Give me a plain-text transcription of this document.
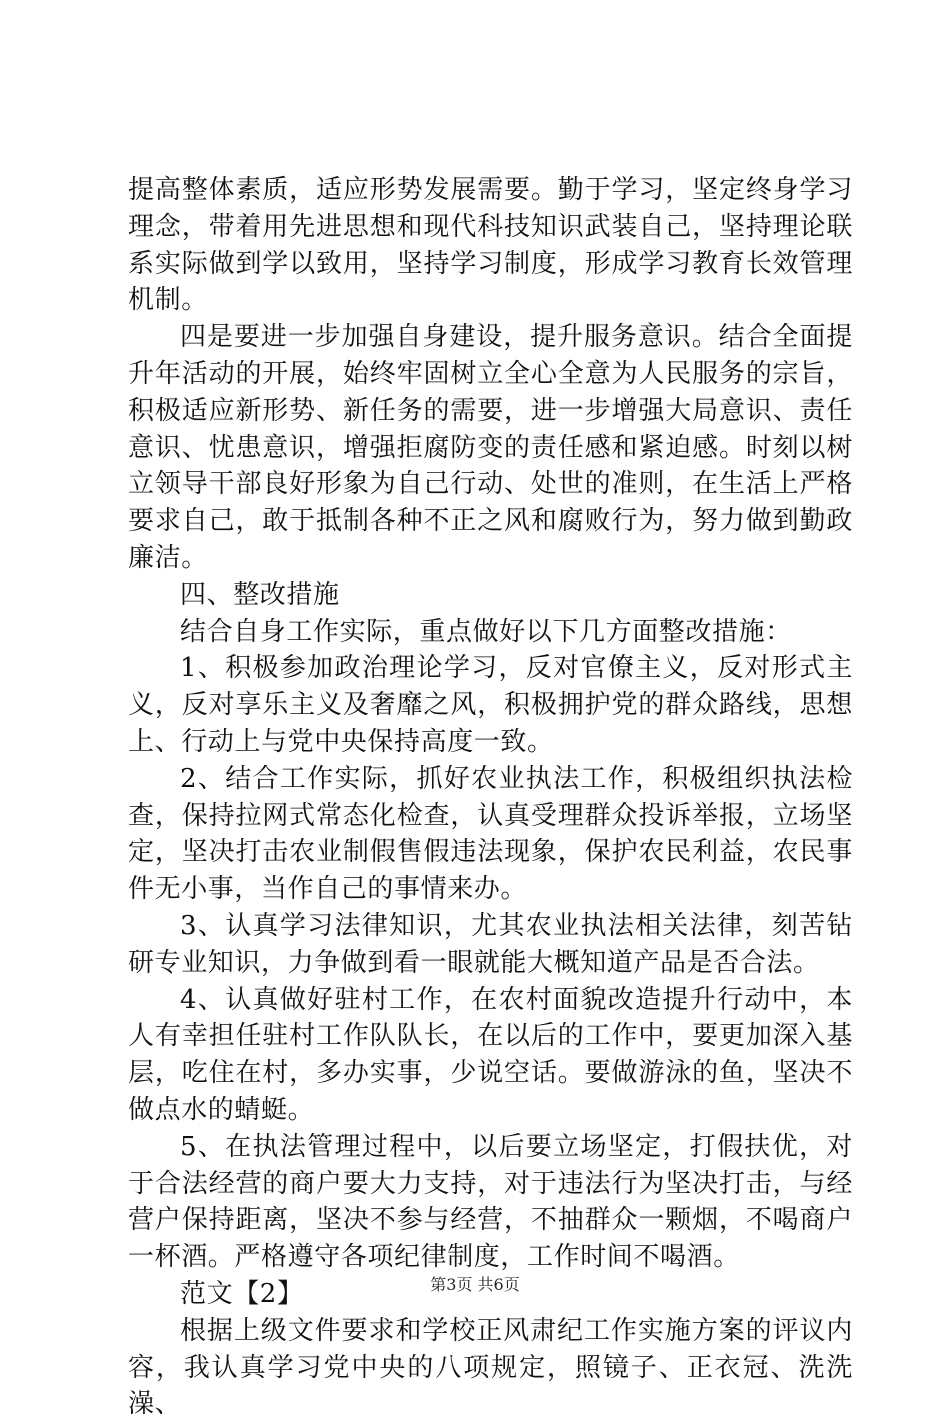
提高整体素质，适应形势发展需要。勤于学习，坚定终身学习理念，带着用先进思想和现代科技知识武装自己，坚持理论联系实际做到学以致用，坚持学习制度，形成学习教育长效管理机制。

四是要进一步加强自身建设，提升服务意识。结合全面提升年活动的开展，始终牢固树立全心全意为人民服务的宗旨，积极适应新形势、新任务的需要，进一步增强大局意识、责任意识、忧患意识，增强拒腐防变的责任感和紧迫感。时刻以树立领导干部良好形象为自己行动、处世的准则，在生活上严格要求自己，敢于抵制各种不正之风和腐败行为，努力做到勤政廉洁。

四、整改措施

结合自身工作实际，重点做好以下几方面整改措施：

1、积极参加政治理论学习，反对官僚主义，反对形式主义，反对享乐主义及奢靡之风，积极拥护党的群众路线，思想上、行动上与党中央保持高度一致。

2、结合工作实际，抓好农业执法工作，积极组织执法检查，保持拉网式常态化检查，认真受理群众投诉举报，立场坚定，坚决打击农业制假售假违法现象，保护农民利益，农民事件无小事，当作自己的事情来办。

3、认真学习法律知识，尤其农业执法相关法律，刻苦钻研专业知识，力争做到看一眼就能大概知道产品是否合法。

4、认真做好驻村工作，在农村面貌改造提升行动中，本人有幸担任驻村工作队队长，在以后的工作中，要更加深入基层，吃住在村，多办实事，少说空话。要做游泳的鱼，坚决不做点水的蜻蜓。

5、在执法管理过程中，以后要立场坚定，打假扶优，对于合法经营的商户要大力支持，对于违法行为坚决打击，与经营户保持距离，坚决不参与经营，不抽群众一颗烟，不喝商户一杯酒。严格遵守各项纪律制度，工作时间不喝酒。

范文【2】

根据上级文件要求和学校正风肃纪工作实施方案的评议内容，我认真学习党中央的八项规定，照镜子、正衣冠、洗洗澡、

第3页 共6页
